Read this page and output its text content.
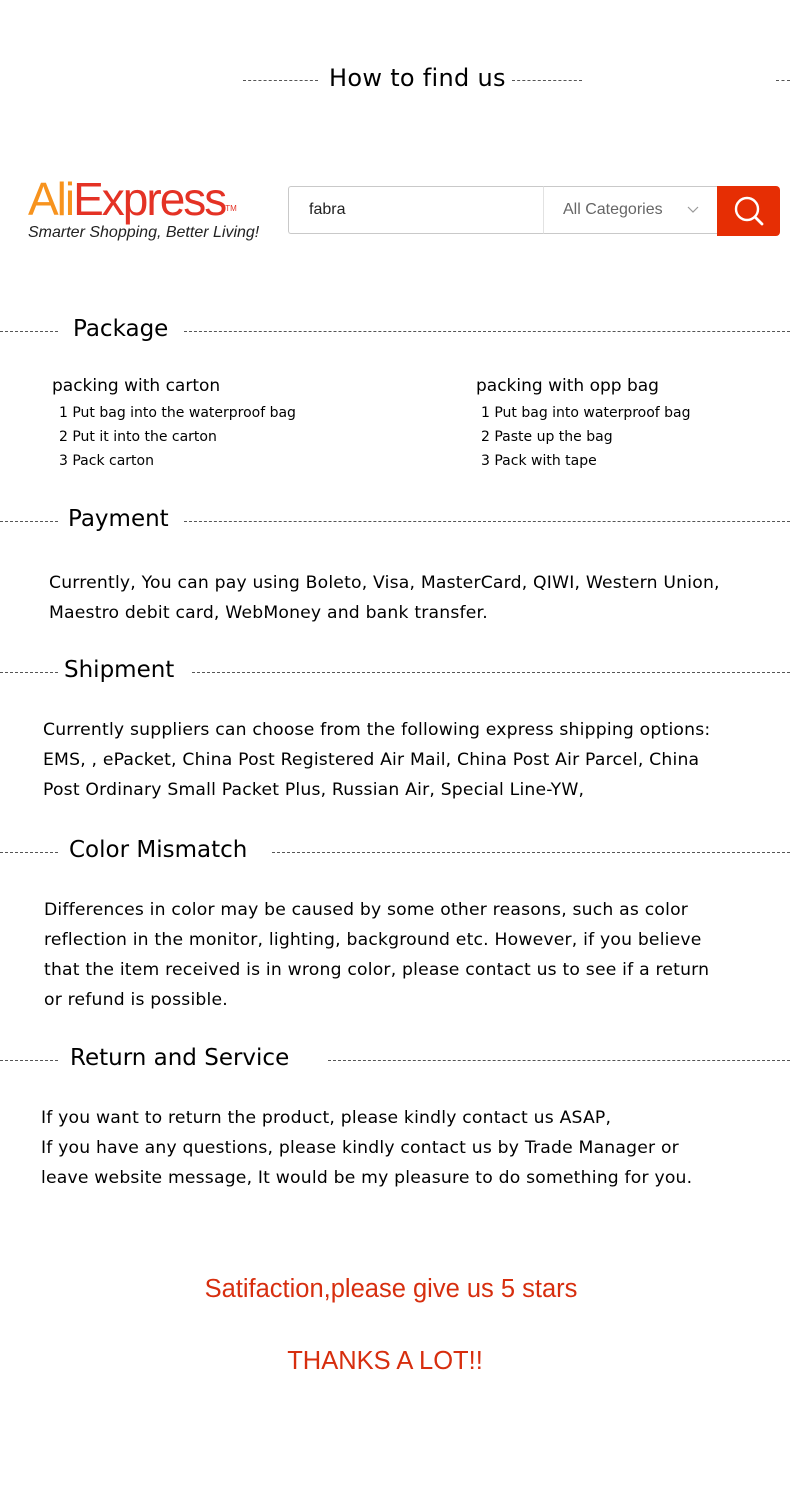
How to find us
AliExpress™
Smarter Shopping, Better Living!
fabra
All Categories
Package
packing with carton
1 Put bag into the waterproof bag
2 Put it into the carton
3 Pack carton
packing with opp bag
1 Put bag into waterproof bag
2 Paste up the bag
3 Pack with tape
Payment
Currently, You can pay using Boleto, Visa, MasterCard, QIWI, Western Union,
Maestro debit card, WebMoney and bank transfer.
Shipment
Currently suppliers can choose from the following express shipping options:
EMS, , ePacket, China Post Registered Air Mail, China Post Air Parcel, China
Post Ordinary Small Packet Plus, Russian Air, Special Line-YW,
Color Mismatch
Differences in color may be caused by some other reasons, such as color
reflection in the monitor, lighting, background etc. However, if you believe
that the item received is in wrong color, please contact us to see if a return
or refund is possible.
Return and Service
If you want to return the product, please kindly contact us ASAP,
If you have any questions, please kindly contact us by Trade Manager or
leave website message, It would be my pleasure to do something for you.
Satifaction,please give us 5 stars
THANKS A LOT!!
